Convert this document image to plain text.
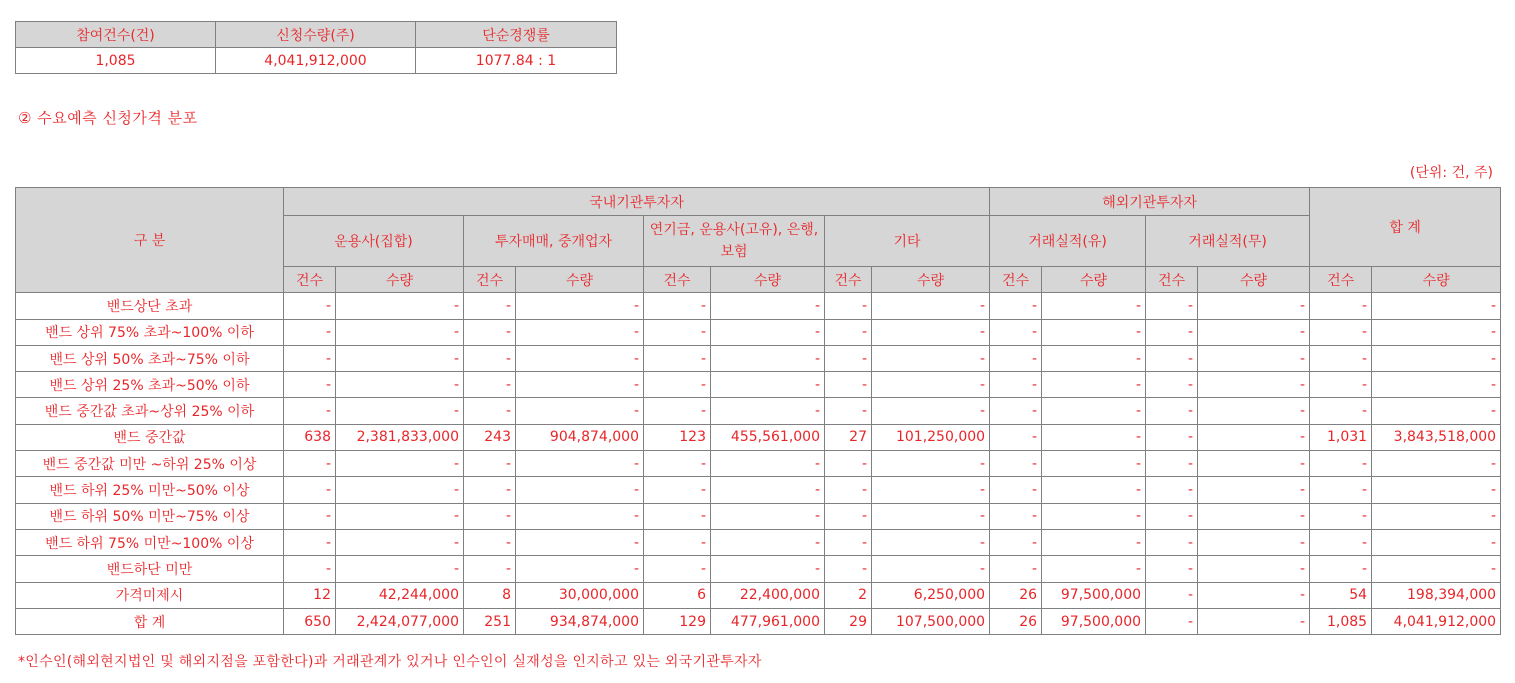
참여건수(건)	신청수량(주)	단순경쟁률
1,085	4,041,912,000	1077.84 : 1
② 수요예측 신청가격 분포
(단위: 건, 주)
구 분	국내기관투자자								해외기관투자자				합 계	
	운용사(집합)		투자매매, 중개업자		연기금, 운용사(고유), 은행, 보험		기타		거래실적(유)		거래실적(무)			
	건수	수량	건수	수량	건수	수량	건수	수량	건수	수량	건수	수량	건수	수량
밴드상단 초과	-	-	-	-	-	-	-	-	-	-	-	-	-	-
밴드 상위 75% 초과~100% 이하	-	-	-	-	-	-	-	-	-	-	-	-	-	-
밴드 상위 50% 초과~75% 이하	-	-	-	-	-	-	-	-	-	-	-	-	-	-
밴드 상위 25% 초과~50% 이하	-	-	-	-	-	-	-	-	-	-	-	-	-	-
밴드 중간값 초과~상위 25% 이하	-	-	-	-	-	-	-	-	-	-	-	-	-	-
밴드 중간값	638	2,381,833,000	243	904,874,000	123	455,561,000	27	101,250,000	-	-	-	-	1,031	3,843,518,000
밴드 중간값 미만 ~하위 25% 이상	-	-	-	-	-	-	-	-	-	-	-	-	-	-
밴드 하위 25% 미만~50% 이상	-	-	-	-	-	-	-	-	-	-	-	-	-	-
밴드 하위 50% 미만~75% 이상	-	-	-	-	-	-	-	-	-	-	-	-	-	-
밴드 하위 75% 미만~100% 이상	-	-	-	-	-	-	-	-	-	-	-	-	-	-
밴드하단 미만	-	-	-	-	-	-	-	-	-	-	-	-	-	-
가격미제시	12	42,244,000	8	30,000,000	6	22,400,000	2	6,250,000	26	97,500,000	-	-	54	198,394,000
합 계	650	2,424,077,000	251	934,874,000	129	477,961,000	29	107,500,000	26	97,500,000	-	-	1,085	4,041,912,000
*인수인(해외현지법인 및 해외지점을 포함한다)과 거래관계가 있거나 인수인이 실재성을 인지하고 있는 외국기관투자자
